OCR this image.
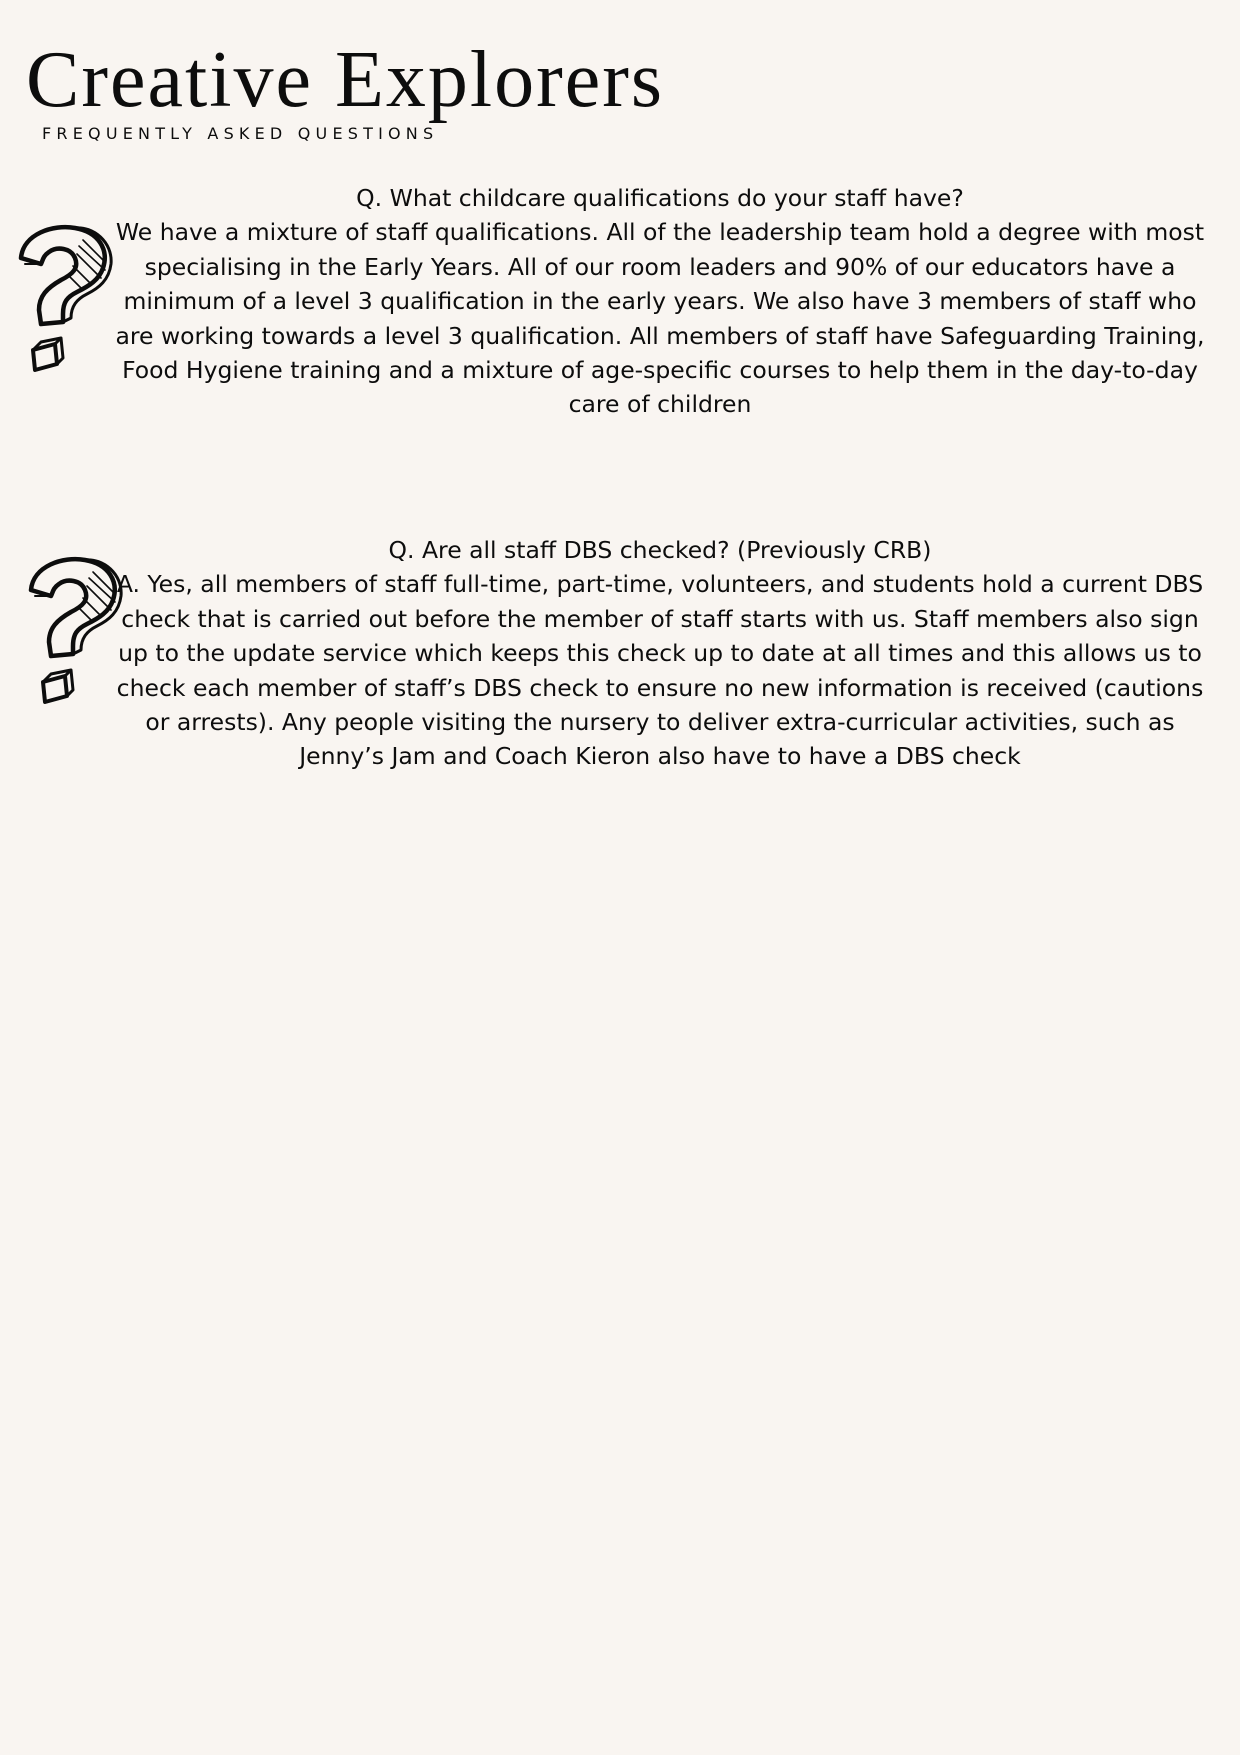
Creative Explorers

FREQUENTLY ASKED QUESTIONS

Q. What childcare qualifications do your staff have?

We have a mixture of staff qualifications. All of the leadership team hold a degree with most specialising in the Early Years. All of our room leaders and 90% of our educators have a minimum of a level 3 qualification in the early years. We also have 3 members of staff who are working towards a level 3 qualification. All members of staff have Safeguarding Training, Food Hygiene training and a mixture of age-specific courses to help them in the day-to-day care of children

Q. Are all staff DBS checked? (Previously CRB)

A. Yes, all members of staff full-time, part-time, volunteers, and students hold a current DBS check that is carried out before the member of staff starts with us. Staff members also sign up to the update service which keeps this check up to date at all times and this allows us to check each member of staff’s DBS check to ensure no new information is received (cautions or arrests). Any people visiting the nursery to deliver extra-curricular activities, such as Jenny’s Jam and Coach Kieron also have to have a DBS check
